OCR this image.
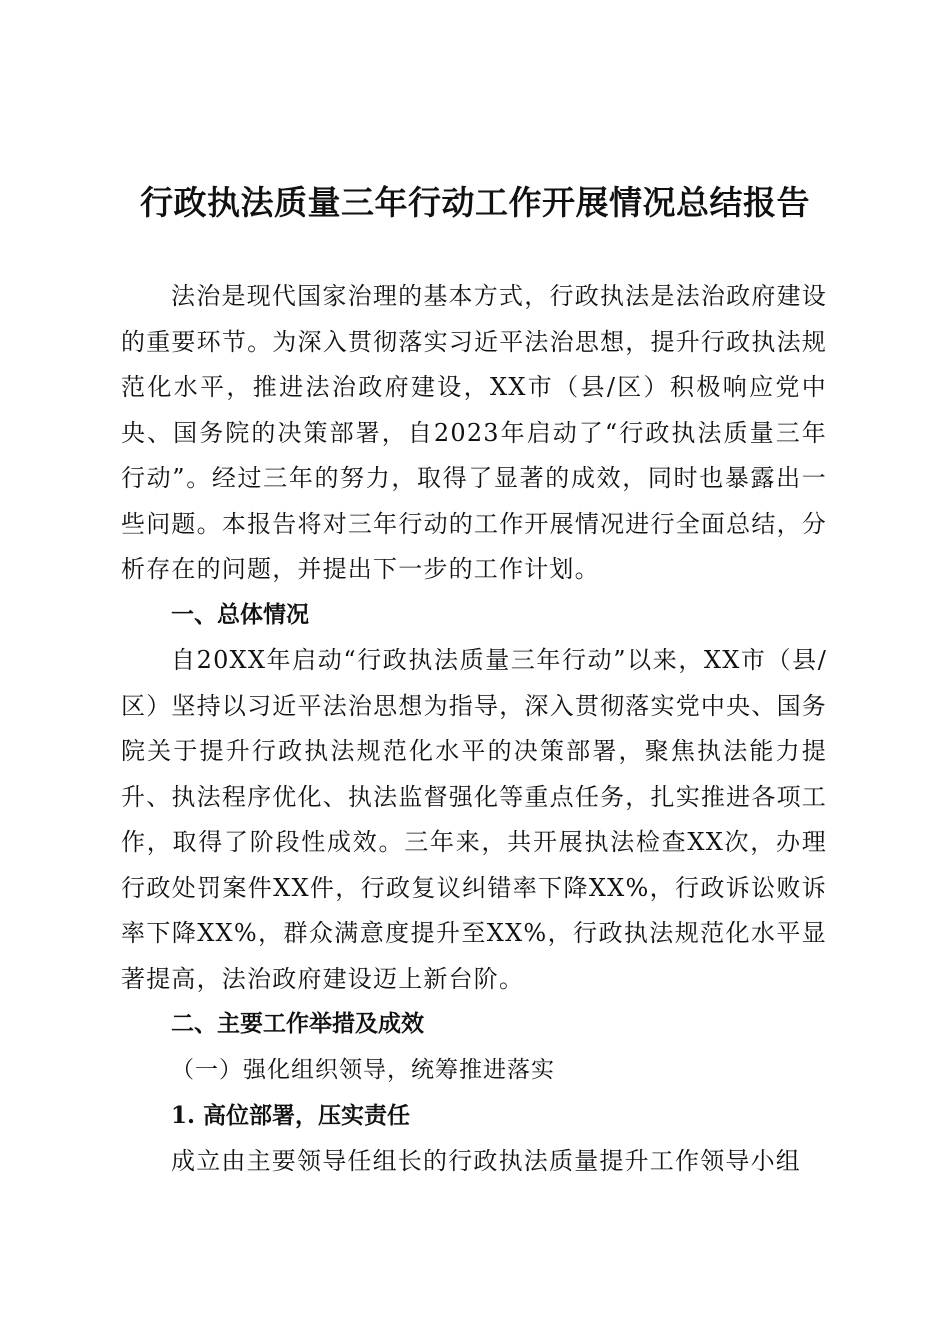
行政执法质量三年行动工作开展情况总结报告

法治是现代国家治理的基本方式，行政执法是法治政府建设的重要环节。为深入贯彻落实习近平法治思想，提升行政执法规范化水平，推进法治政府建设，XX市（县/区）积极响应党中央、国务院的决策部署，自2023年启动了“行政执法质量三年行动”。经过三年的努力，取得了显著的成效，同时也暴露出一些问题。本报告将对三年行动的工作开展情况进行全面总结，分析存在的问题，并提出下一步的工作计划。

一、总体情况

自20XX年启动“行政执法质量三年行动”以来，XX市（县/区）坚持以习近平法治思想为指导，深入贯彻落实党中央、国务院关于提升行政执法规范化水平的决策部署，聚焦执法能力提升、执法程序优化、执法监督强化等重点任务，扎实推进各项工作，取得了阶段性成效。三年来，共开展执法检查XX次，办理行政处罚案件XX件，行政复议纠错率下降XX%，行政诉讼败诉率下降XX%，群众满意度提升至XX%，行政执法规范化水平显著提高，法治政府建设迈上新台阶。

二、主要工作举措及成效

（一）强化组织领导，统筹推进落实

1. 高位部署，压实责任

成立由主要领导任组长的行政执法质量提升工作领导小组
